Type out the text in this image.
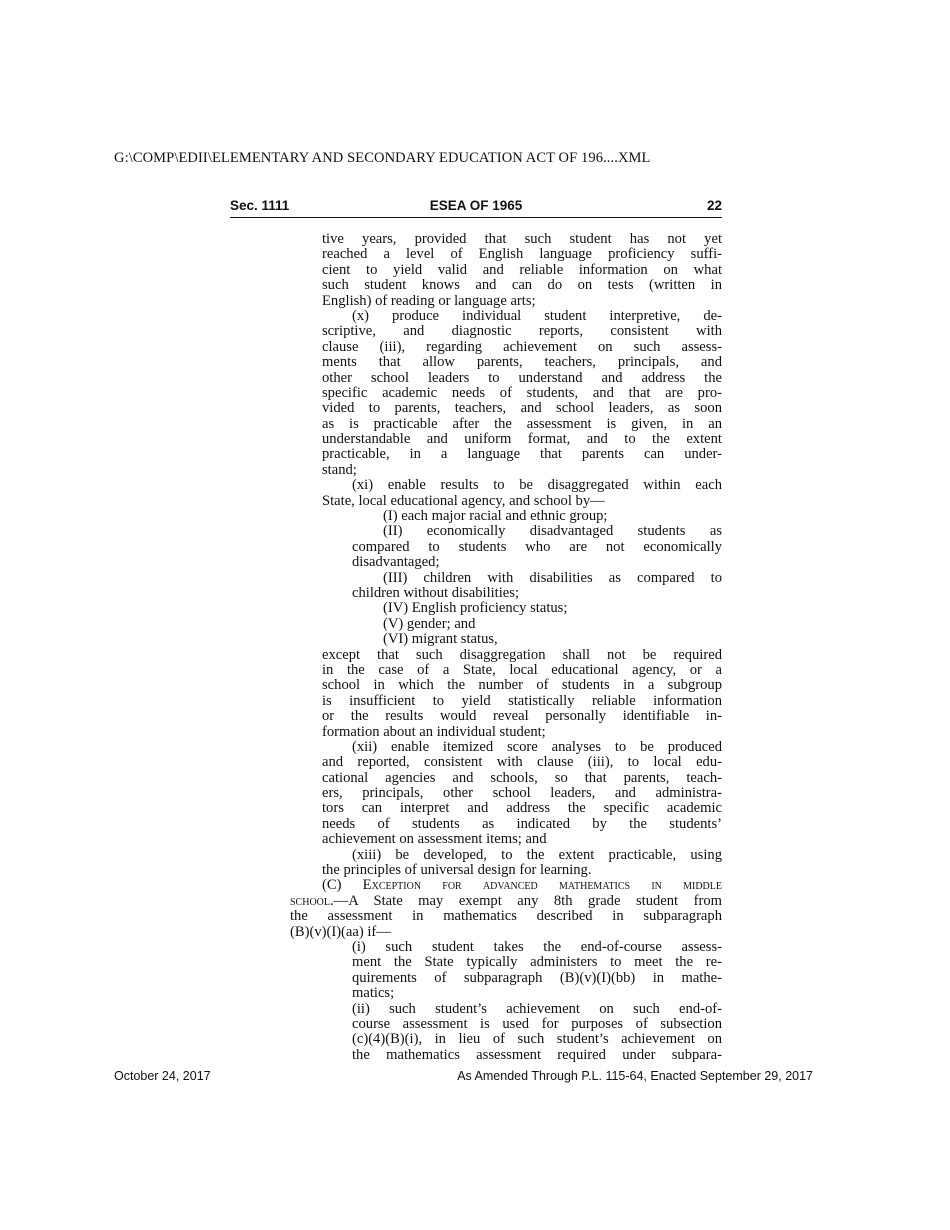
G:\COMP\EDII\ELEMENTARY AND SECONDARY EDUCATION ACT OF 196....XML
Sec. 1111	ESEA OF 1965	22
tive years, provided that such student has not yet
reached a level of English language proficiency suffi-
cient to yield valid and reliable information on what
such student knows and can do on tests (written in
English) of reading or language arts;
(x) produce individual student interpretive, de-
scriptive, and diagnostic reports, consistent with
clause (iii), regarding achievement on such assess-
ments that allow parents, teachers, principals, and
other school leaders to understand and address the
specific academic needs of students, and that are pro-
vided to parents, teachers, and school leaders, as soon
as is practicable after the assessment is given, in an
understandable and uniform format, and to the extent
practicable, in a language that parents can under-
stand;
(xi) enable results to be disaggregated within each
State, local educational agency, and school by—
(I) each major racial and ethnic group;
(II) economically disadvantaged students as
compared to students who are not economically
disadvantaged;
(III) children with disabilities as compared to
children without disabilities;
(IV) English proficiency status;
(V) gender; and
(VI) migrant status,
except that such disaggregation shall not be required
in the case of a State, local educational agency, or a
school in which the number of students in a subgroup
is insufficient to yield statistically reliable information
or the results would reveal personally identifiable in-
formation about an individual student;
(xii) enable itemized score analyses to be produced
and reported, consistent with clause (iii), to local edu-
cational agencies and schools, so that parents, teach-
ers, principals, other school leaders, and administra-
tors can interpret and address the specific academic
needs of students as indicated by the students’
achievement on assessment items; and
(xiii) be developed, to the extent practicable, using
the principles of universal design for learning.
(C) Exception for advanced mathematics in middle
school.—A State may exempt any 8th grade student from
the assessment in mathematics described in subparagraph
(B)(v)(I)(aa) if—
(i) such student takes the end-of-course assess-
ment the State typically administers to meet the re-
quirements of subparagraph (B)(v)(I)(bb) in mathe-
matics;
(ii) such student’s achievement on such end-of-
course assessment is used for purposes of subsection
(c)(4)(B)(i), in lieu of such student’s achievement on
the mathematics assessment required under subpara-
October 24, 2017	As Amended Through P.L. 115-64, Enacted September 29, 2017
